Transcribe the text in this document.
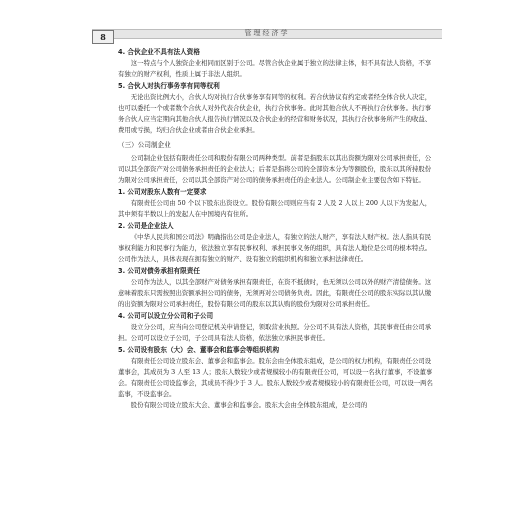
管理经济学
8
4. 合伙企业不具有法人资格
这一特点与个人独资企业相同而区别于公司。尽管合伙企业属于独立的法律主体，但不具有法人资格，不享有独立的财产权利，性质上属于非法人组织。
5. 合伙人对执行事务享有同等权利
无论出资比例大小，合伙人均对执行合伙事务享有同等的权利。若合伙协议有约定或者经全体合伙人决定，也可以委托一个或者数个合伙人对外代表合伙企业，执行合伙事务。此时其他合伙人不再执行合伙事务。执行事务合伙人应当定期向其他合伙人报告执行情况以及合伙企业的经营和财务状况，其执行合伙事务所产生的收益、费用或亏损，均归合伙企业或者由合伙企业承担。
（三）公司制企业
公司制企业包括有限责任公司和股份有限公司两种类型。前者是指股东以其出资额为限对公司承担责任，公司以其全部资产对公司债务承担责任的企业法人；后者是指将公司的全部资本分为等额股份，股东以其所持股份为限对公司承担责任，公司以其全部资产对公司的债务承担责任的企业法人。公司制企业主要包含如下特征。
1. 公司对股东人数有一定要求
有限责任公司由 50 个以下股东出资设立。股份有限公司则应当有 2 人及 2 人以上 200 人以下为发起人，其中须有半数以上的发起人在中国境内有住所。
2. 公司是企业法人
《中华人民共和国公司法》明确指出公司是企业法人，有独立的法人财产，享有法人财产权。法人指具有民事权利能力和民事行为能力，依法独立享有民事权利、承担民事义务的组织，具有法人地位是公司的根本特点。公司作为法人，具体表现在拥有独立的财产、设有独立的组织机构和独立承担法律责任。
3. 公司对债务承担有限责任
公司作为法人，以其全部财产对债务承担有限责任，在资不抵债时，也无须以公司以外的财产清偿债务。这意味着股东只需按照出资额承担公司的债务，无须再对公司债务负责。因此，有限责任公司的股东实际以其认缴的出资额为限对公司承担责任，股份有限公司的股东以其认购的股份为限对公司承担责任。
4. 公司可以设立分公司和子公司
设立分公司，应当向公司登记机关申请登记，领取营业执照。分公司不具有法人资格，其民事责任由公司承担。公司可以设立子公司，子公司具有法人资格，依法独立承担民事责任。
5. 公司设有股东（大）会、董事会和监事会等组织机构
有限责任公司设立股东会、董事会和监事会。股东会由全体股东组成，是公司的权力机构，有限责任公司设董事会，其成员为 3 人至 13 人；股东人数较少或者规模较小的有限责任公司，可以设一名执行董事，不设董事会。有限责任公司设监事会，其成员不得少于 3 人。股东人数较少或者规模较小的有限责任公司，可以设一两名监事，不设监事会。
股份有限公司设立股东大会、董事会和监事会。股东大会由全体股东组成，是公司的
